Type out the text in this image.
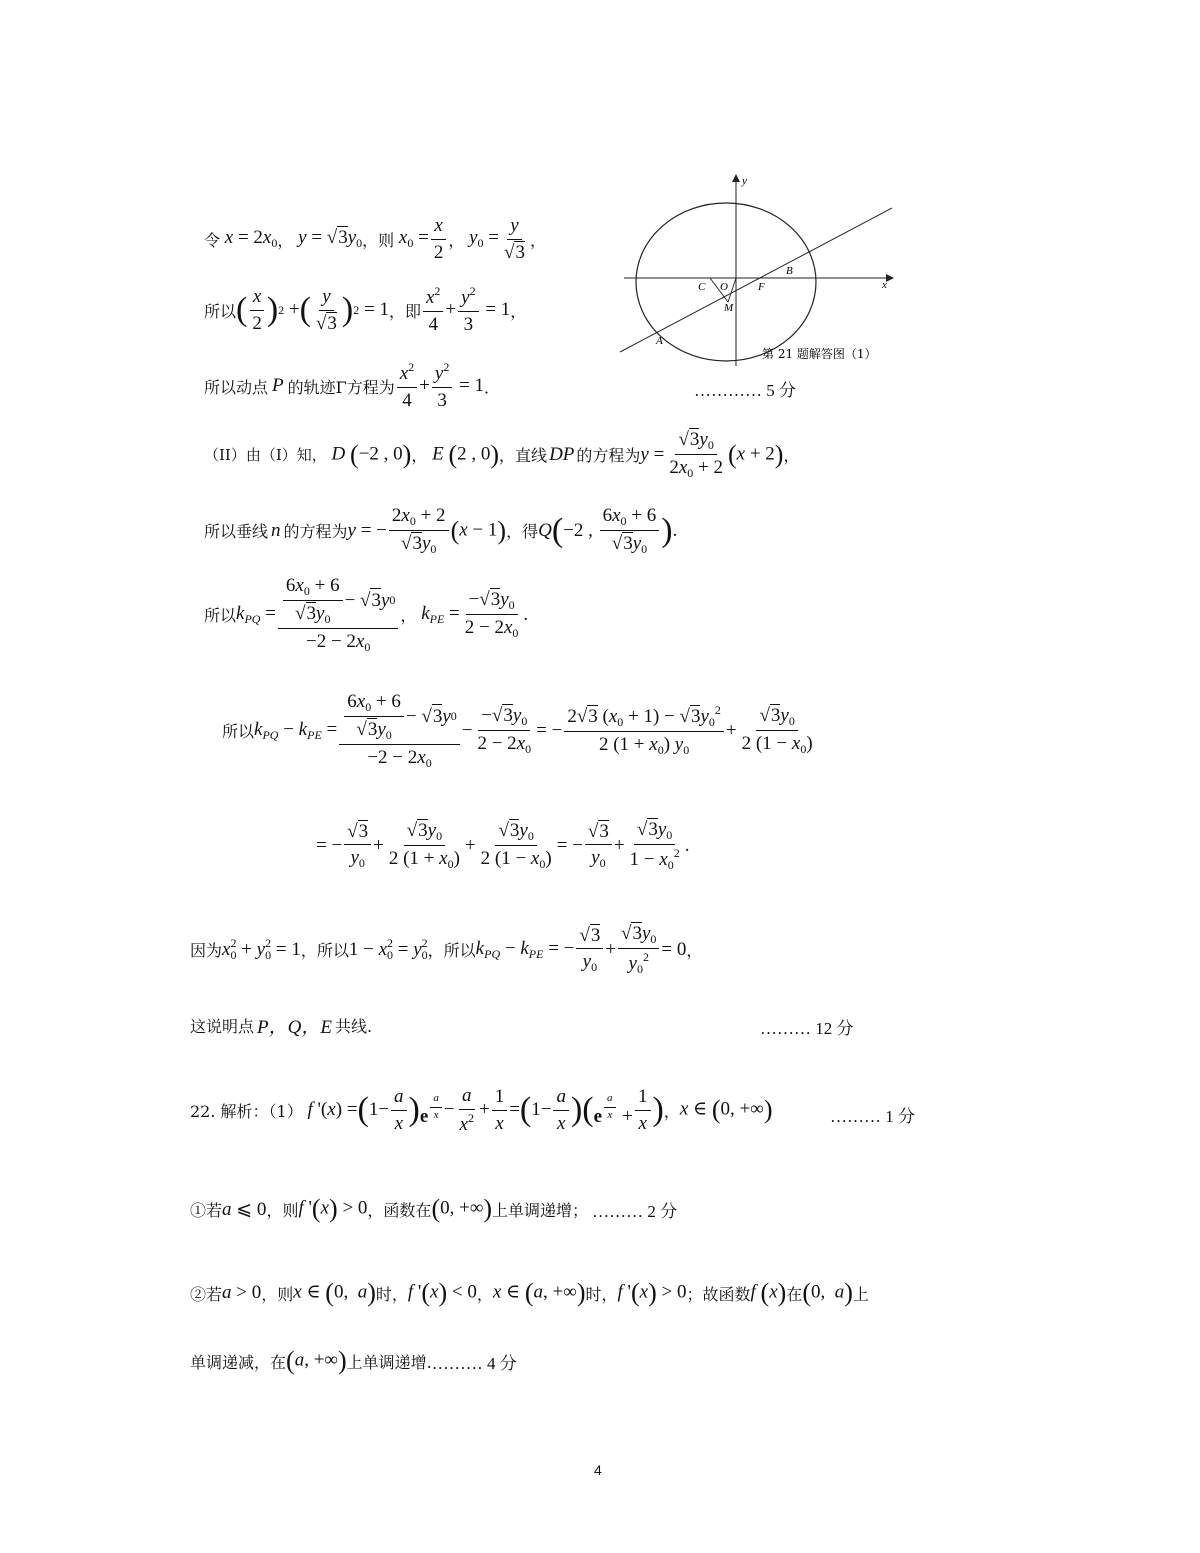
y
x
B
C O	F
M
A
第 21 题解答图（1）
令 $x = 2x_0$ ， $y = √3y_0$ ，则 $x_0 = \frac{x}{2}$ ， $y_0 = \frac{y}{√3}$ ，
所以 ( $\frac{x}{2}$ ) 2 + ( $\frac{y}{√3}$ ) 2 = 1 ，即 $\frac{x^2}{4} + \frac{y^2}{3} = 1$ ，
所以动点 P 的轨迹Γ方程为 $\frac{x^2}{4} + \frac{y^2}{3} = 1$ ．	………… 5 分
（II）由（I）知， D (−2 , 0) ， E (2 , 0) ，直线 DP 的方程为 $y = \frac{√3y_0}{2x_0 + 2} (x + 2)$ ，
所以垂线 n 的方程为 y = − $\frac{2x_0 + 2}{√3y_0} (x - 1)$ ，得 Q ( −2 , $\frac{6x_0 + 6}{√3y_0}$ ) .
所以 $k_{PQ} = \frac{\frac{6x_0 + 6}{√3y_0} - √ 3 y 0}{-2 - 2x_0}$ ， $k_{PE} = \frac{-√3y_0}{2 - 2x_0}$ .
所以 $k_{PQ} - k_{PE} = \frac{\frac{6x_0 + 6}{√3y_0} - √ 3 y 0}{-2 - 2x_0} - \frac{-√3y_0}{2 - 2x_0}$ = − $\frac{2√3 (x_0 + 1) - √3y_0^2}{2 (1 + x_0) y_0} + \frac{√3y_0}{2 (1 - x_0)}$
= − $\frac{√3}{y_0} + \frac{√3y_0}{2 (1 + x_0)} + \frac{√3y_0}{2 (1 - x_0)}$ = − $\frac{√3}{y_0} + \frac{√3y_0}{1 - x_0^2}$ .
因为 $x_0^2 + y_0^2 = 1$ ，所以 $1 - x_0^2 = y_0^2$ ，所以 $k_{PQ} - k_{PE}$ = − $\frac{√3}{y_0} + \frac{√3y_0}{y_0^2} = 0$ ，
这说明点 P，Q，E 共线.	……… 12 分
22. 解析：（1） f '(x) = ( $1- \frac{a}{x}$ ) e $^{\frac{a}{x}} - \frac{a}{x^2} + \frac{1}{x}$ = ( $1- \frac{a}{x}$ ) ( e $^{\frac{a}{x}} + \frac{1}{x}$ ) ， x ∈ (0, +∞)	……… 1 分
①若 a ⩽ 0 ，则 f '(x) > 0 ，函数在 (0, +∞) 上单调递增； ……… 2 分
②若 a > 0 ，则 x ∈ (0,  a) 时， f '(x) < 0 ， x ∈ (a, +∞) 时， f '(x) > 0 ；故函数 f (x) 在 (0,  a) 上
单调递减，在 (a, +∞) 上单调递增. ……… 4 分
4
